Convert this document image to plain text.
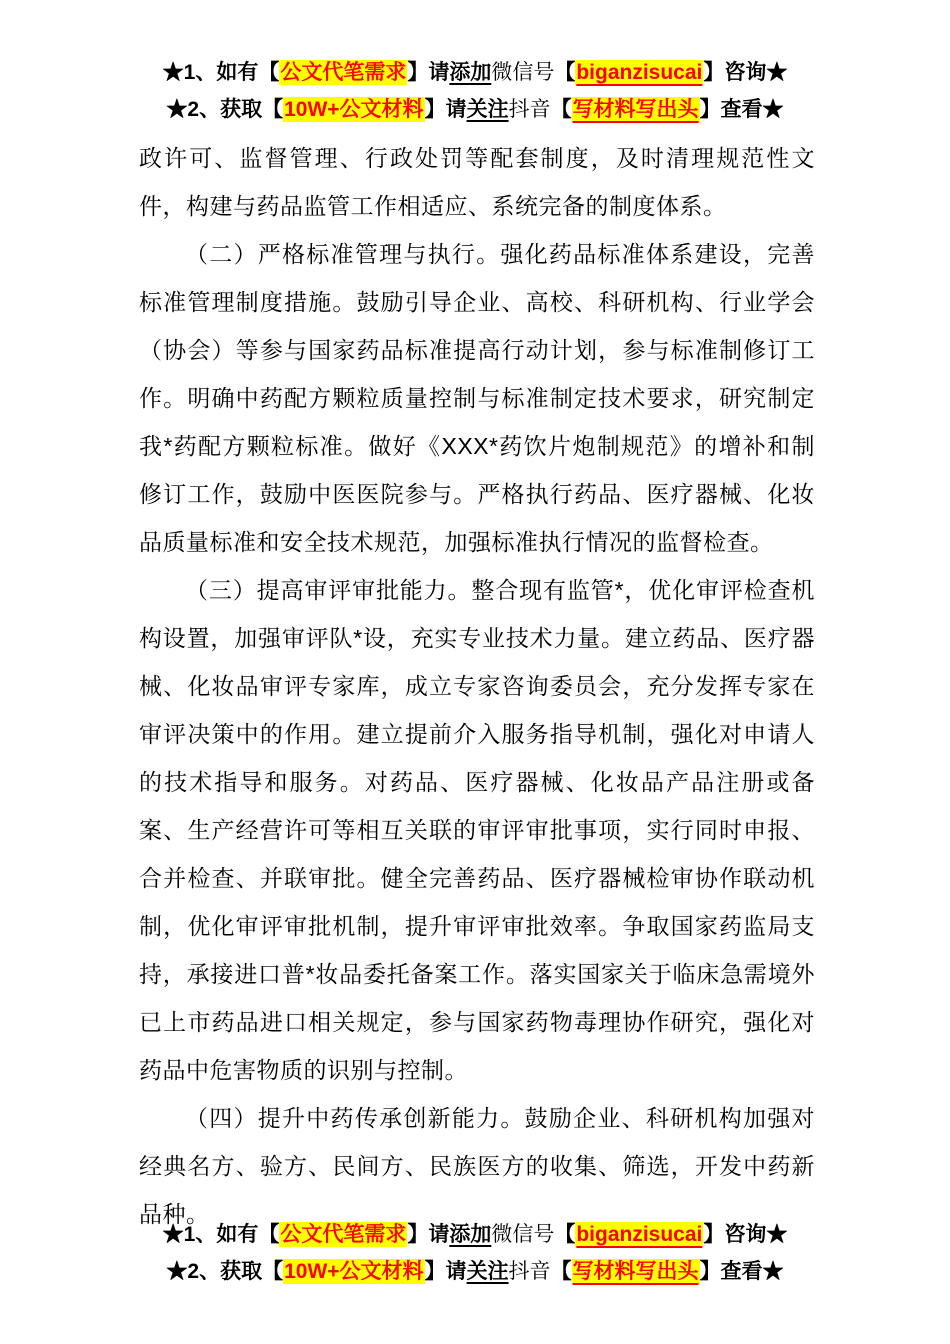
★1、如有【公文代笔需求】请添加微信号【biganzisucai】咨询★

★2、获取【10W+公文材料】请关注抖音【写材料写出头】查看★

政许可、监督管理、行政处罚等配套制度，及时清理规范性文件，构建与药品监管工作相适应、系统完备的制度体系。

（二）严格标准管理与执行。强化药品标准体系建设，完善标准管理制度措施。鼓励引导企业、高校、科研机构、行业学会（协会）等参与国家药品标准提高行动计划，参与标准制修订工作。明确中药配方颗粒质量控制与标准制定技术要求，研究制定我*药配方颗粒标准。做好《XXX*药饮片炮制规范》的增补和制修订工作，鼓励中医医院参与。严格执行药品、医疗器械、化妆品质量标准和安全技术规范，加强标准执行情况的监督检查。

（三）提高审评审批能力。整合现有监管*，优化审评检查机构设置，加强审评队*设，充实专业技术力量。建立药品、医疗器械、化妆品审评专家库，成立专家咨询委员会，充分发挥专家在审评决策中的作用。建立提前介入服务指导机制，强化对申请人的技术指导和服务。对药品、医疗器械、化妆品产品注册或备案、生产经营许可等相互关联的审评审批事项，实行同时申报、合并检查、并联审批。健全完善药品、医疗器械检审协作联动机制，优化审评审批机制，提升审评审批效率。争取国家药监局支持，承接进口普*妆品委托备案工作。落实国家关于临床急需境外已上市药品进口相关规定，参与国家药物毒理协作研究，强化对药品中危害物质的识别与控制。

（四）提升中药传承创新能力。鼓励企业、科研机构加强对经典名方、验方、民间方、民族医方的收集、筛选，开发中药新品种。

★1、如有【公文代笔需求】请添加微信号【biganzisucai】咨询★

★2、获取【10W+公文材料】请关注抖音【写材料写出头】查看★
